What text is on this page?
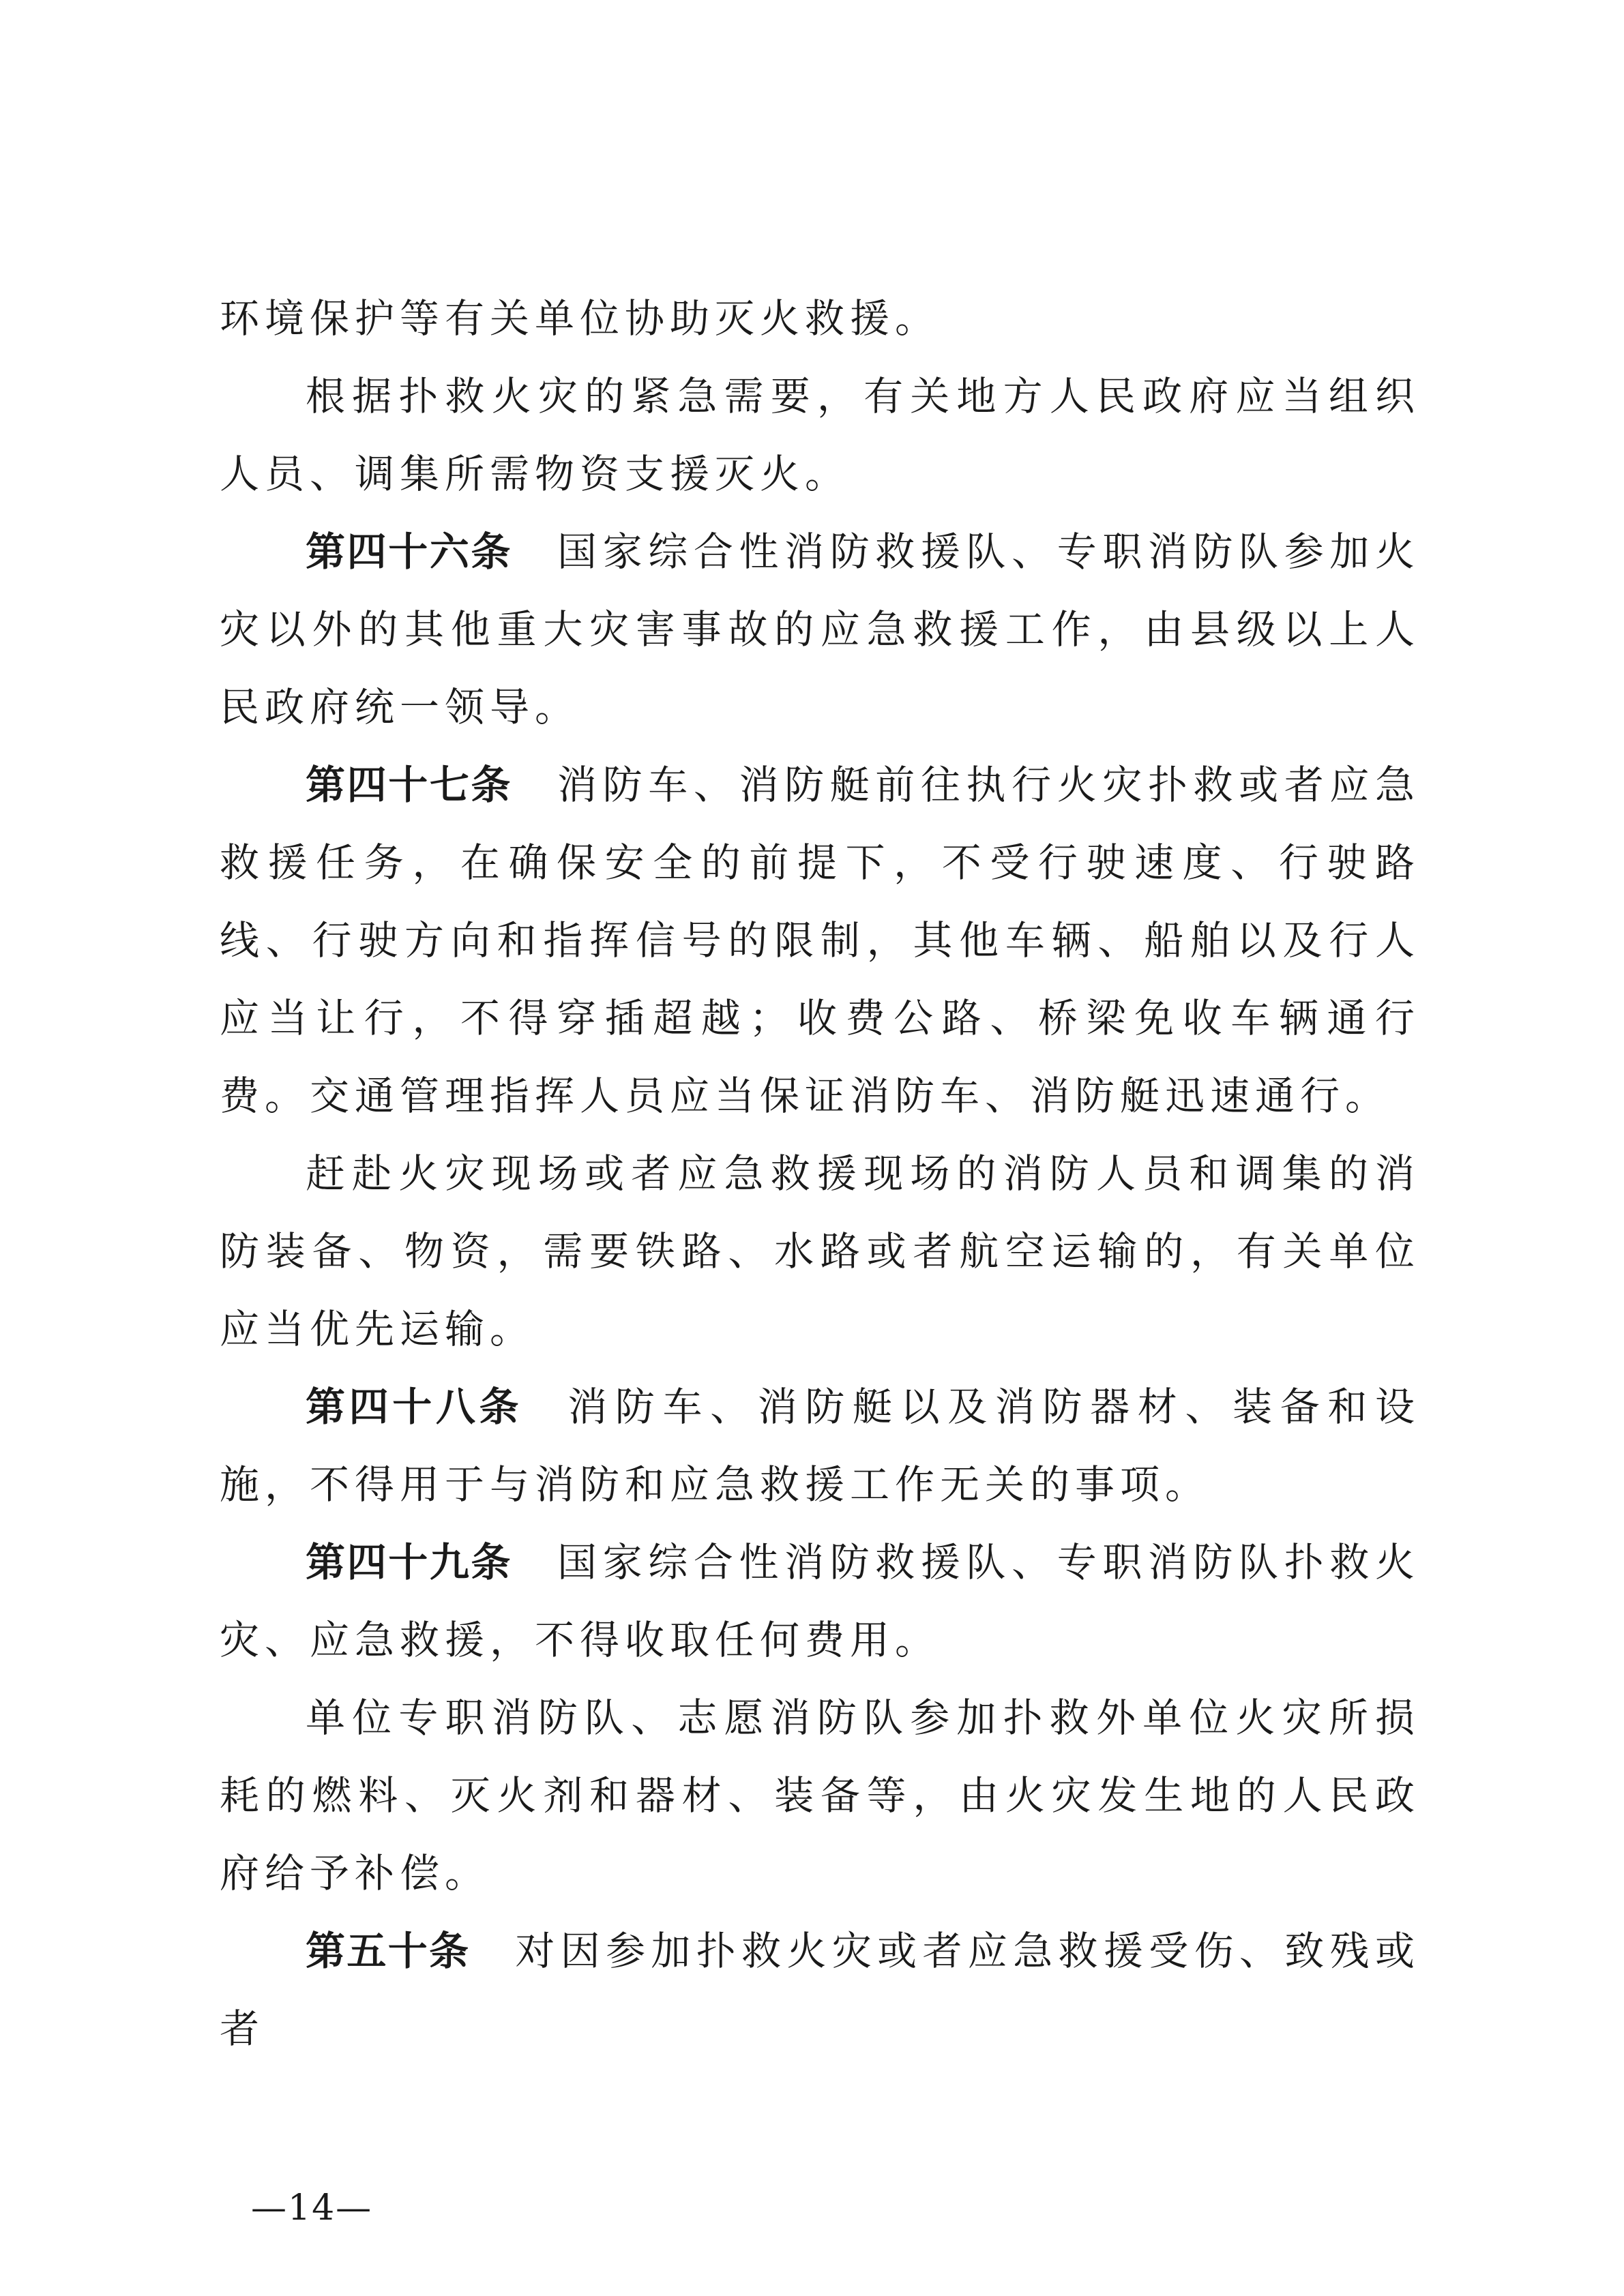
环境保护等有关单位协助灭火救援。

根据扑救火灾的紧急需要，有关地方人民政府应当组织人员、调集所需物资支援灭火。

第四十六条 国家综合性消防救援队、专职消防队参加火灾以外的其他重大灾害事故的应急救援工作，由县级以上人民政府统一领导。

第四十七条 消防车、消防艇前往执行火灾扑救或者应急救援任务，在确保安全的前提下，不受行驶速度、行驶路线、行驶方向和指挥信号的限制，其他车辆、船舶以及行人应当让行，不得穿插超越；收费公路、桥梁免收车辆通行费。交通管理指挥人员应当保证消防车、消防艇迅速通行。

赶赴火灾现场或者应急救援现场的消防人员和调集的消防装备、物资，需要铁路、水路或者航空运输的，有关单位应当优先运输。

第四十八条 消防车、消防艇以及消防器材、装备和设施，不得用于与消防和应急救援工作无关的事项。

第四十九条 国家综合性消防救援队、专职消防队扑救火灾、应急救援，不得收取任何费用。

单位专职消防队、志愿消防队参加扑救外单位火灾所损耗的燃料、灭火剂和器材、装备等，由火灾发生地的人民政府给予补偿。

第五十条 对因参加扑救火灾或者应急救援受伤、致残或者

—14—
